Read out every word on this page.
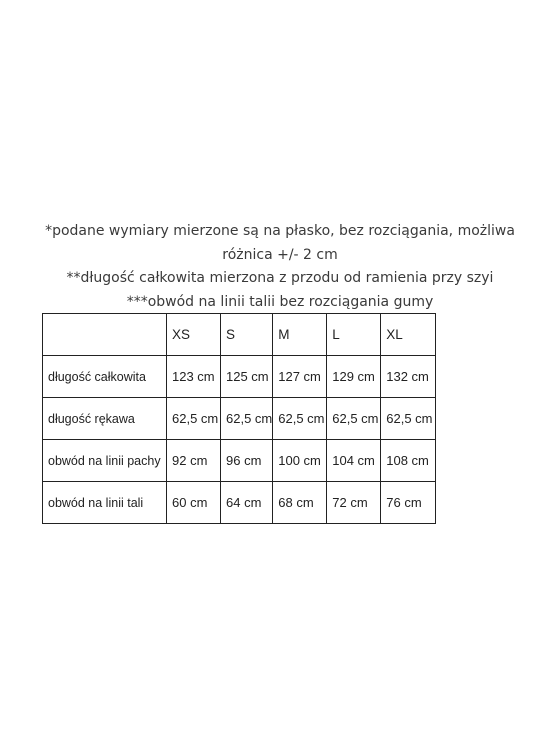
*podane wymiary mierzone są na płasko, bez rozciągania, możliwa różnica +/- 2 cm

**długość całkowita mierzona z przodu od ramienia przy szyi

***obwód na linii talii bez rozciągania gumy

	XS	S	M	L	XL
długość całkowita	123 cm	125 cm	127 cm	129 cm	132 cm
długość rękawa	62,5 cm	62,5 cm	62,5 cm	62,5 cm	62,5 cm
obwód na linii pachy	92 cm	96 cm	100 cm	104 cm	108 cm
obwód na linii tali	60 cm	64 cm	68 cm	72 cm	76 cm
